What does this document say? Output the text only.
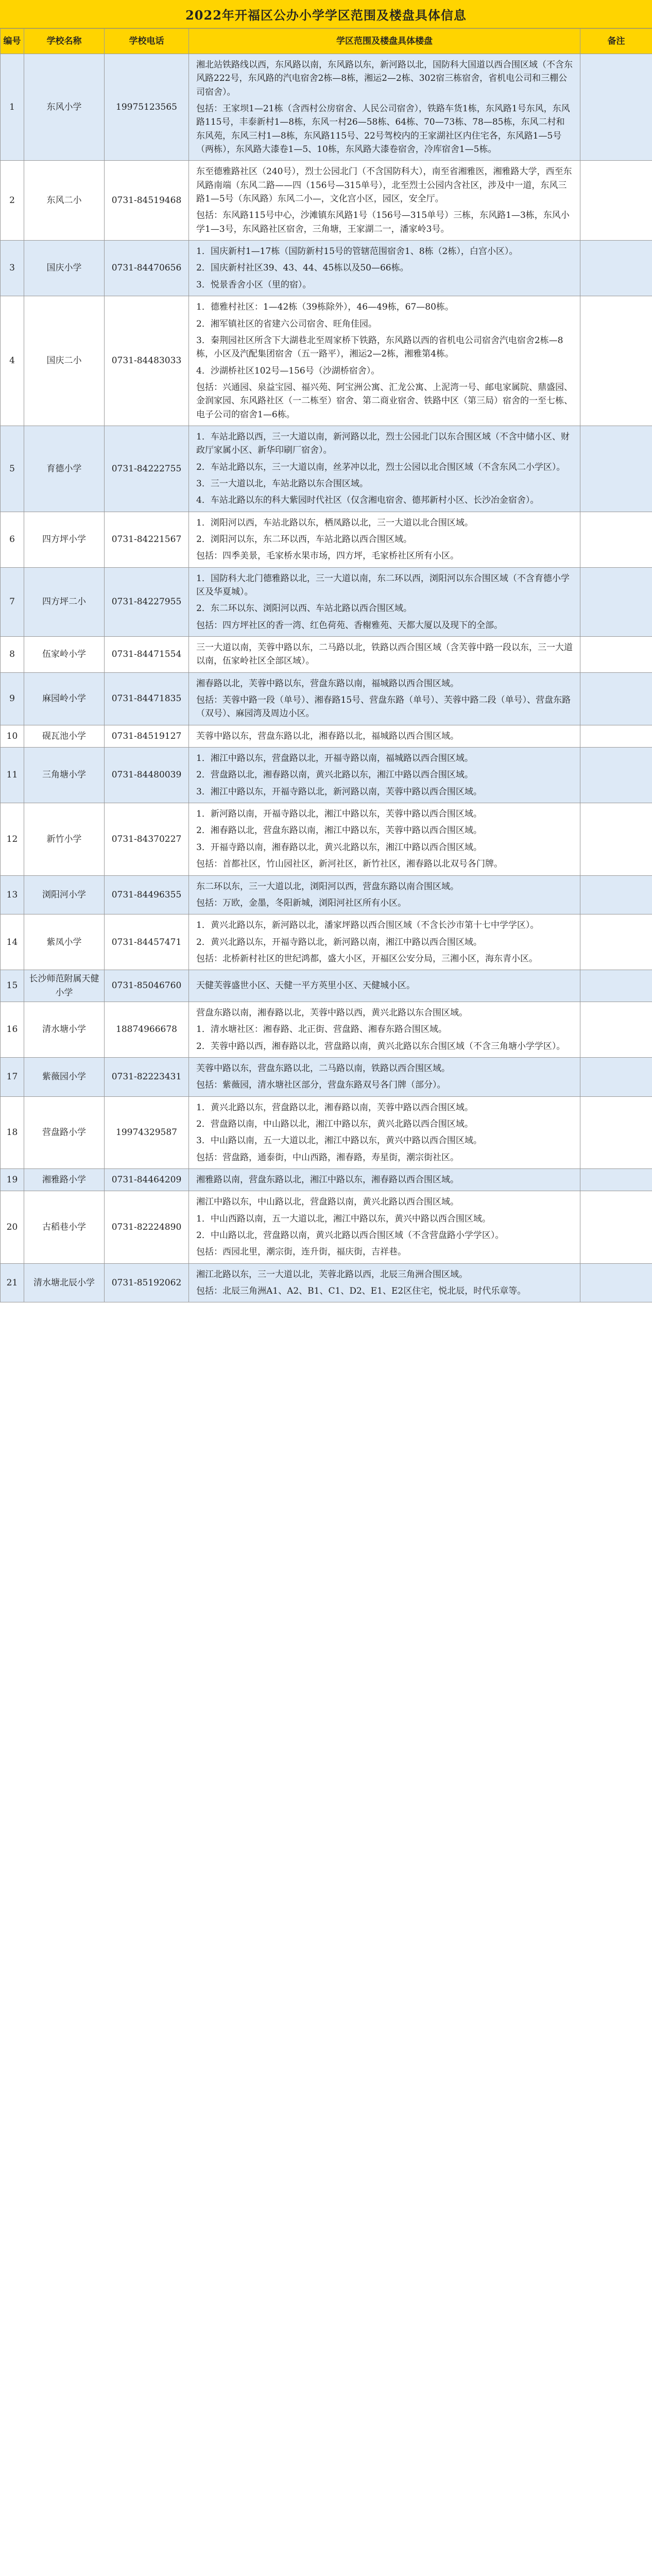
2022年开福区公办小学学区范围及楼盘具体信息
编号	学校名称	学校电话	学区范围及楼盘具体楼盘	备注
1	东风小学	19975123565	湘北站铁路线以西，东风路以南，东风路以东，新河路以北，国防科大国道以西合围区域（不含东风路222号，东风路的汽电宿舍2栋—8栋，湘运2—2栋、302宿三栋宿舍，省机电公司和三棚公司宿舍）。

包括：王家坝1—21栋（含西村公房宿舍、人民公司宿舍），铁路车货1栋，东风路1号东风，东风路115号，丰泰新村1—8栋，东风一村26—58栋、64栋、70—73栋、78—85栋，东风二村和东风苑，东风三村1—8栋，东风路115号、22号驾校内的王家湖社区内住宅各，东风路1—5号（两栋），东风路大漆卷1—5、10栋，东风路大漆卷宿舍，冷库宿舍1—5栋。	

2	东风二小	0731-84519468	东至德雅路社区（240号），烈士公园北门（不含国防科大），南至省湘雅医，湘雅路大学，西至东风路南端（东风二路——四（156号—315单号），北至烈士公园内含社区，涉及中一道，东风三路1—5号（东风路）东风二小—，文化宫小区，园区，安全厅。

包括：东风路115号中心，沙滩镇东风路1号（156号—315单号）三栋，东风路1—3栋，东风小学1—3号，东风路社区宿舍，三角塘，王家湖二一，潘家岭3号。	

3	国庆小学	0731-84470656	1．国庆新村1—17栋（国防新村15号的管辖范围宿舍1、8栋（2栋），白宫小区）。

2．国庆新村社区39、43、44、45栋以及50—66栋。

3．悦景香舍小区（里的宿）。	

4	国庆二小	0731-84483033	1．德雅村社区：1—42栋（39栋除外），46—49栋，67—80栋。

2．湘军镇社区的省建六公司宿舍、旺角佳园。

3．秦荆园社区所含下大湖巷北至周家桥下铁路，东风路以西的省机电公司宿舍汽电宿舍2栋—8栋，小区及汽配集团宿舍（五一路平），湘运2—2栋，湘雅第4栋。

4．沙湖桥社区102号—156号（沙湖桥宿舍）。

包括：兴通园、泉益宝园、福兴苑、阿宝洲公寓、汇龙公寓、上泥湾一号、邮电家属院、鼎盛园、金润家园、东风路社区（一二栋至）宿舍、第二商业宿舍、铁路中区（第三局）宿舍的一至七栋、电子公司的宿舍1—6栋。	

5	育德小学	0731-84222755	1．车站北路以西，三一大道以南，新河路以北，烈士公园北门以东合围区域（不含中储小区、财政厅家属小区、新华印刷厂宿舍）。

2．车站北路以东，三一大道以南，丝茅冲以北，烈士公园以北合围区域（不含东风二小学区）。

3．三一大道以北，车站北路以东合围区域。

4．车站北路以东的科大紫园时代社区（仅含湘电宿舍、德邦新村小区、长沙冶金宿舍）。	

6	四方坪小学	0731-84221567	1．浏阳河以西，车站北路以东，栖凤路以北，三一大道以北合围区域。

2．浏阳河以东，东二环以西，车站北路以西合围区域。

包括：四季美景，毛家桥水果市场，四方坪，毛家桥社区所有小区。	

7	四方坪二小	0731-84227955	1．国防科大北门德雅路以北，三一大道以南，东二环以西，浏阳河以东合围区域（不含育德小学区及华夏城）。

2．东二环以东、浏阳河以西、车站北路以西合围区域。

包括：四方坪社区的香一湾、红色荷苑、香榭雅苑、天都大厦以及现下的全部。	

8	伍家岭小学	0731-84471554	三一大道以南，芙蓉中路以东，二马路以北，铁路以西合围区域（含芙蓉中路一段以东，三一大道以南，伍家岭社区全部区域）。	

9	麻园岭小学	0731-84471835	湘春路以北，芙蓉中路以东，营盘东路以南，福城路以西合围区域。

包括：芙蓉中路一段（单号）、湘春路15号、营盘东路（单号）、芙蓉中路二段（单号）、营盘东路（双号）、麻园湾及周边小区。	

10	砚瓦池小学	0731-84519127	芙蓉中路以东，营盘东路以北，湘春路以北，福城路以西合围区域。	

11	三角塘小学	0731-84480039	1．湘江中路以东，营盘路以北，开福寺路以南，福城路以西合围区域。

2．营盘路以北，湘春路以南，黄兴北路以东，湘江中路以西合围区域。

3．湘江中路以东，开福寺路以北，新河路以南，芙蓉中路以西合围区域。	

12	新竹小学	0731-84370227	1．新河路以南，开福寺路以北，湘江中路以东，芙蓉中路以西合围区域。

2．湘春路以北，营盘东路以南，湘江中路以东，芙蓉中路以西合围区域。

3．开福寺路以南，湘春路以北，黄兴北路以东，湘江中路以西合围区域。

包括：首都社区，竹山园社区，新河社区，新竹社区，湘春路以北双号各门牌。	

13	浏阳河小学	0731-84496355	东二环以东，三一大道以北，浏阳河以西，营盘东路以南合围区域。

包括：万欧，金墨，冬阳新城，浏阳河社区所有小区。	

14	紫凤小学	0731-84457471	1．黄兴北路以东，新河路以北，潘家坪路以西合围区域（不含长沙市第十七中学学区）。

2．黄兴北路以东，开福寺路以北，新河路以南，湘江中路以西合围区域。

包括：北桥新村社区的世纪鸿都，盛大小区，开福区公安分局，三湘小区，海东青小区。	

15	长沙师范附属天健小学	0731-85046760	天健芙蓉盛世小区、天健一平方英里小区、天健城小区。	

16	清水塘小学	18874966678	营盘东路以南，湘春路以北，芙蓉中路以西，黄兴北路以东合围区域。

1．清水塘社区：湘春路、北正街、营盘路、湘春东路合围区域。

2．芙蓉中路以西，湘春路以北，营盘路以南，黄兴北路以东合围区域（不含三角塘小学学区）。	

17	紫薇园小学	0731-82223431	芙蓉中路以东，营盘东路以北，二马路以南，铁路以西合围区域。

包括：紫薇园，清水塘社区部分，营盘东路双号各门牌（部分）。	

18	营盘路小学	19974329587	1．黄兴北路以东，营盘路以北，湘春路以南，芙蓉中路以西合围区域。

2．营盘路以南，中山路以北，湘江中路以东，黄兴北路以西合围区域。

3．中山路以南，五一大道以北，湘江中路以东，黄兴中路以西合围区域。

包括：营盘路，通泰街，中山西路，湘春路，寿星街，潮宗街社区。	

19	湘雅路小学	0731-84464209	湘雅路以南，营盘东路以北，湘江中路以东，湘春路以西合围区域。	

20	古稻巷小学	0731-82224890	湘江中路以东，中山路以北，营盘路以南，黄兴北路以西合围区域。

1．中山西路以南，五一大道以北，湘江中路以东，黄兴中路以西合围区域。

2．中山路以北，营盘路以南，黄兴北路以西合围区域（不含营盘路小学学区）。

包括：西园北里，潮宗街，连升街，福庆街，吉祥巷。	

21	清水塘北辰小学	0731-85192062	湘江北路以东，三一大道以北，芙蓉北路以西，北辰三角洲合围区域。

包括：北辰三角洲A1、A2、B1、C1、D2、E1、E2区住宅，悦北辰，时代乐章等。	
